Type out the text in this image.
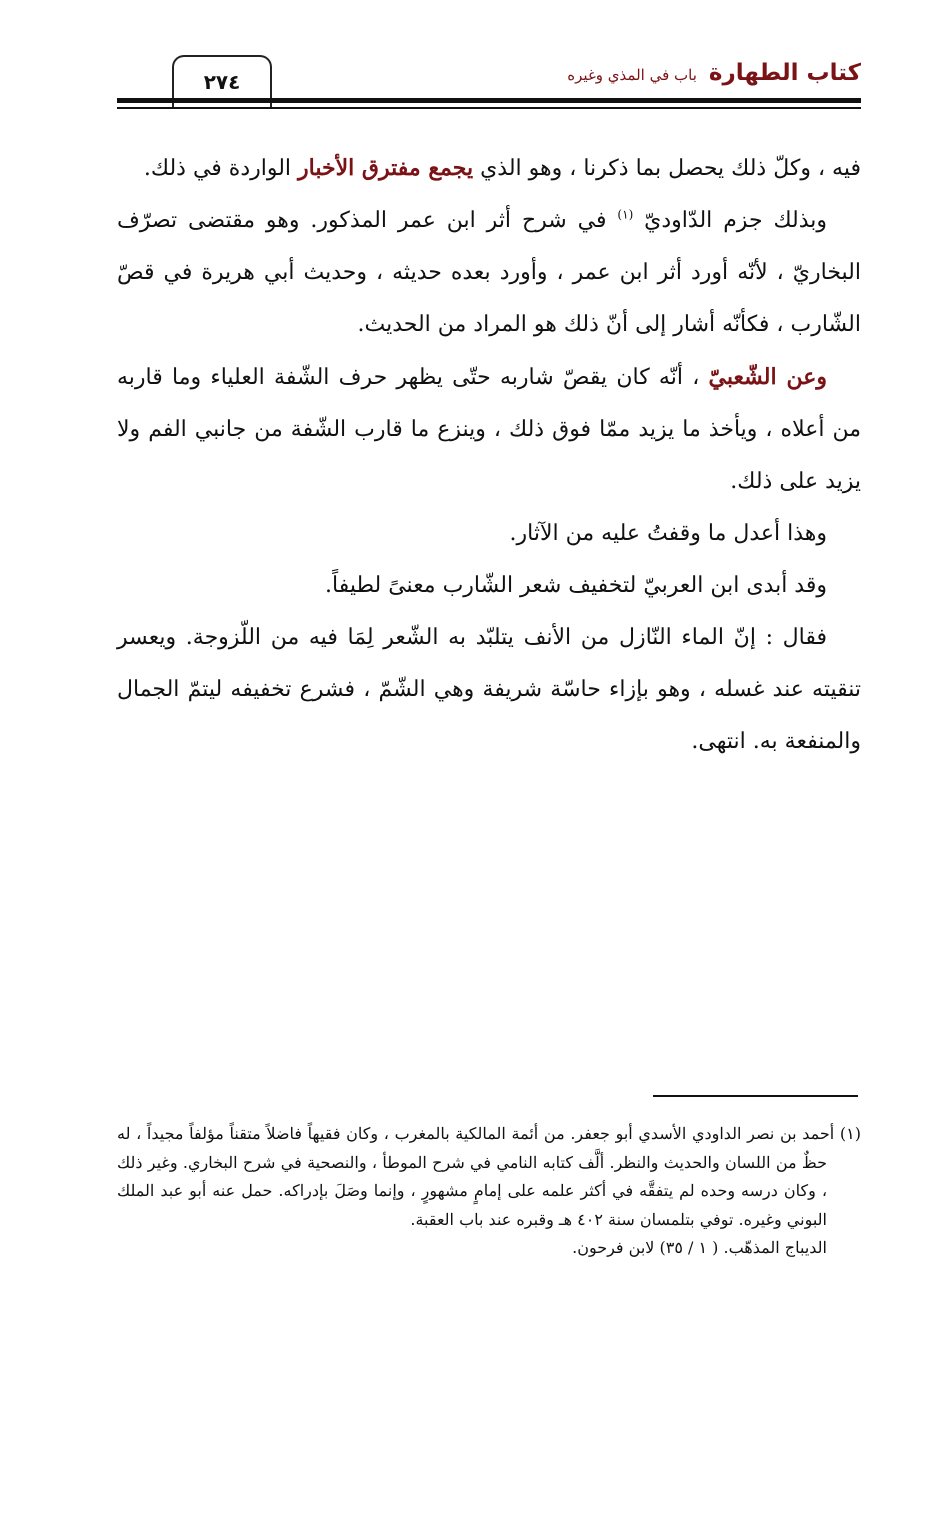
كتاب الطهارة
باب في المذي وغيره
٢٧٤

فيه ، وكلّ ذلك يحصل بما ذكرنا ، وهو الذي يجمع مفترق الأخبار الواردة في ذلك.

وبذلك جزم الدّاوديّ $^{(١)}$ في شرح أثر ابن عمر المذكور. وهو مقتضى تصرّف البخاريّ ، لأنّه أورد أثر ابن عمر ، وأورد بعده حديثه ، وحديث أبي هريرة في قصّ الشّارب ، فكأنّه أشار إلى أنّ ذلك هو المراد من الحديث.

وعن الشّعبيّ ، أنّه كان يقصّ شاربه حتّى يظهر حرف الشّفة العلياء وما قاربه من أعلاه ، ويأخذ ما يزيد ممّا فوق ذلك ، وينزع ما قارب الشّفة من جانبي الفم ولا يزيد على ذلك.

وهذا أعدل ما وقفتُ عليه من الآثار.

وقد أبدى ابن العربيّ لتخفيف شعر الشّارب معنىً لطيفاً.

فقال : إنّ الماء النّازل من الأنف يتلبّد به الشّعر لِمَا فيه من اللّزوجة. ويعسر تنقيته عند غسله ، وهو بإزاء حاسّة شريفة وهي الشّمّ ، فشرع تخفيفه ليتمّ الجمال والمنفعة به. انتهى.

(١) أحمد بن نصر الداودي الأسدي أبو جعفر. من أئمة المالكية بالمغرب ، وكان فقيهاً فاضلاً متقناً مؤلفاً مجيداً ، له حظٌ من اللسان والحديث والنظر. ألَّف كتابه النامي في شرح الموطأ ، والنصحية في شرح البخاري. وغير ذلك ، وكان درسه وحده لم يتفقَّه في أكثر علمه على إمامٍ مشهورٍ ، وإنما وصَلَ بإدراكه. حمل عنه أبو عبد الملك البوني وغيره. توفي بتلمسان سنة ٤٠٢ هـ وقبره عند باب العقبة.

الديباج المذهّب. ( ١ / ٣٥) لابن فرحون.
